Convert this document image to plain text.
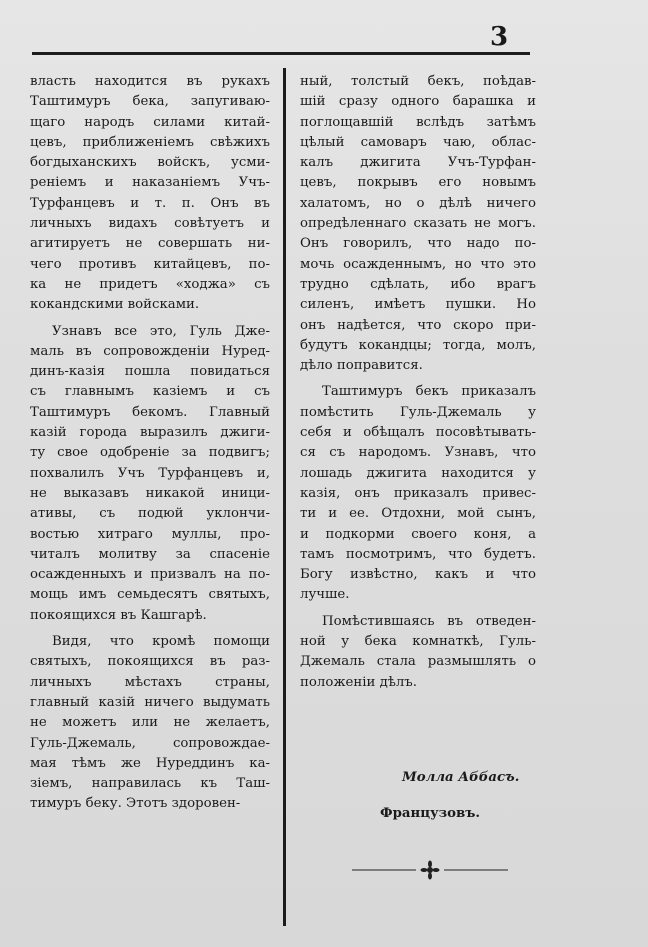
3
власть находится въ рукахъ
Таштимуръ бека, запугиваю-
щаго народъ силами китай-
цевъ, приближенiемъ свѣжихъ
богдыханскихъ войскъ, усми-
ренiемъ и наказанiемъ Учъ-
Турфанцевъ и т. п. Онъ въ
личныхъ видахъ совѣтуетъ и
агитируетъ не совершать ни-
чего противъ китайцевъ, по-
ка не придетъ «ходжа» съ
кокандскими войсками.
Узнавъ все это, Гуль Дже-
маль въ сопровожденiи Нуред-
динъ-казiя пошла повидаться
съ главнымъ казiемъ и съ
Таштимуръ бекомъ. Главный
казiй города выразилъ джиги-
ту свое одобренiе за подвигъ;
похвалилъ Учъ Турфанцевъ и,
не выказавъ никакой иници-
ативы, съ подюй уклончи-
востью хитраго муллы, про-
читалъ молитву за спасенiе
осажденныхъ и призвалъ на по-
мощь имъ семьдесятъ святыхъ,
покоящихся въ Кашгарѣ.
Видя, что кромѣ помощи
святыхъ, покоящихся въ раз-
личныхъ мѣстахъ страны,
главный казiй ничего выдумать
не можетъ или не желаетъ,
Гуль-Джемаль, сопровождае-
мая тѣмъ же Нуреддинъ ка-
зiемъ, направилась къ Таш-
тимуръ беку. Этотъ здоровен-
ный, толстый бекъ, поѣдав-
шiй сразу одного барашка и
поглощавшiй вслѣдъ затѣмъ
цѣлый самоваръ чаю, облас-
калъ джигита Учъ-Турфан-
цевъ, покрывъ его новымъ
халатомъ, но о дѣлѣ ничего
опредѣленнаго сказать не могъ.
Онъ говорилъ, что надо по-
мочь осажденнымъ, но что это
трудно сдѣлать, ибо врагъ
силенъ, имѣетъ пушки. Но
онъ надѣется, что скоро при-
будутъ кокандцы; тогда, молъ,
дѣло поправится.
Таштимуръ бекъ приказалъ
помѣстить Гуль-Джемаль у
себя и обѣщалъ посовѣтывать-
ся съ народомъ. Узнавъ, что
лошадь джигита находится у
казiя, онъ приказалъ привес-
ти и ее. Отдохни, мой сынъ,
и подкорми своего коня, а
тамъ посмотримъ, что будетъ.
Богу извѣстно, какъ и что
лучше.
Помѣстившаясь въ отведен-
ной у бека комнаткѣ, Гуль-
Джемаль стала размышлять о
положенiи дѣлъ.
Молла Аббасъ.
Французовъ.
